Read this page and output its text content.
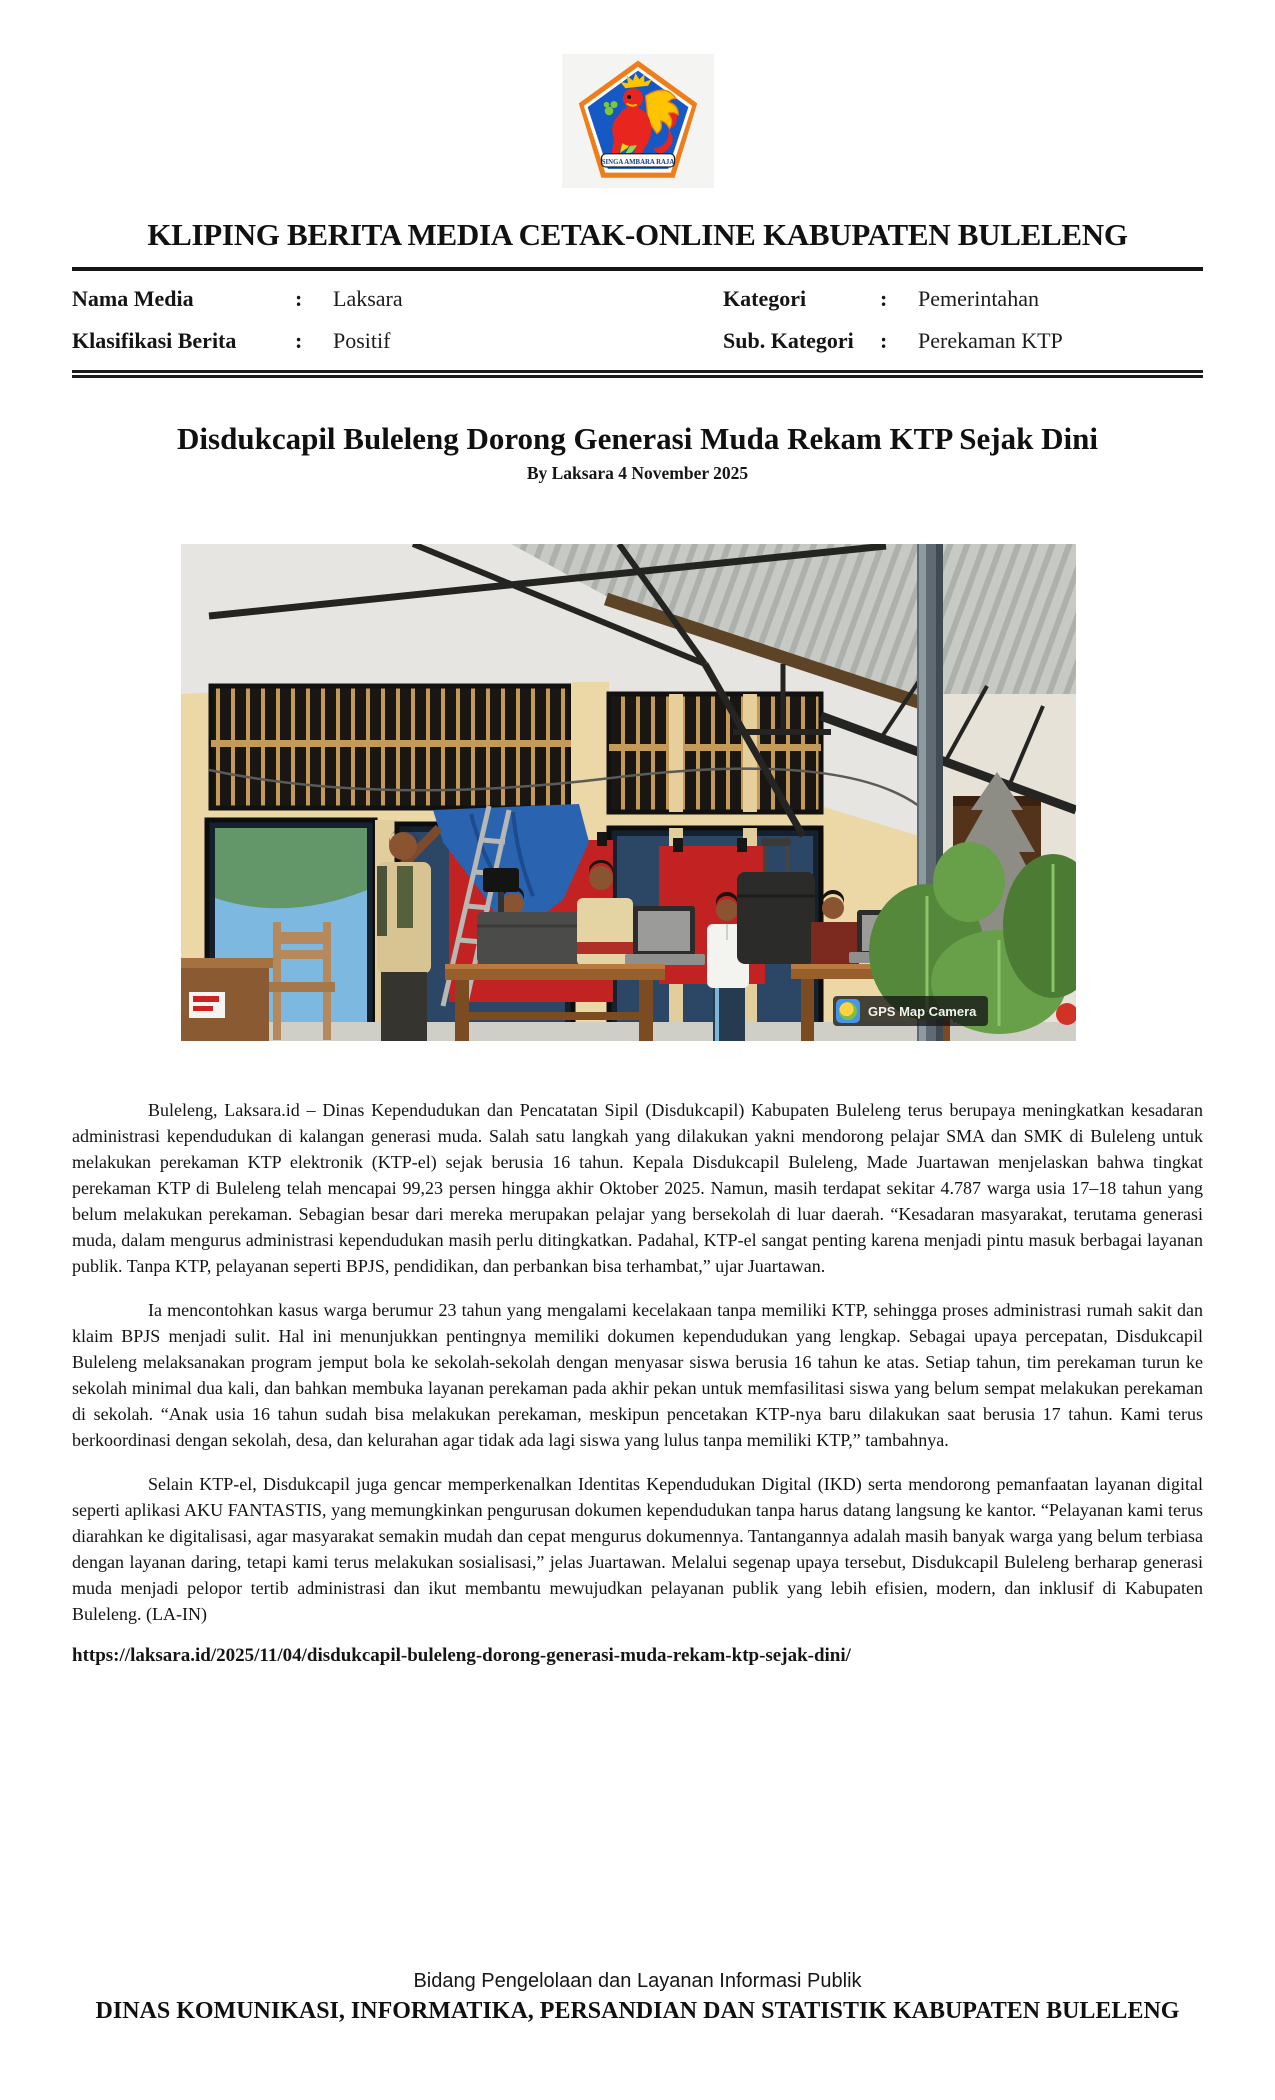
SINGA AMBARA RAJA
KLIPING BERITA MEDIA CETAK-ONLINE KABUPATEN BULELENG
Nama Media	:	Laksara
Klasifikasi Berita	:	Positif
Kategori	:	Pemerintahan
Sub. Kategori	:	Perekaman KTP
Disdukcapil Buleleng Dorong Generasi Muda Rekam KTP Sejak Dini
By Laksara 4 November 2025
GPS Map Camera

Buleleng, Laksara.id – Dinas Kependudukan dan Pencatatan Sipil (Disdukcapil) Kabupaten Buleleng terus berupaya meningkatkan kesadaran administrasi kependudukan di kalangan generasi muda. Salah satu langkah yang dilakukan yakni mendorong pelajar SMA dan SMK di Buleleng untuk melakukan perekaman KTP elektronik (KTP-el) sejak berusia 16 tahun. Kepala Disdukcapil Buleleng, Made Juartawan menjelaskan bahwa tingkat perekaman KTP di Buleleng telah mencapai 99,23 persen hingga akhir Oktober 2025. Namun, masih terdapat sekitar 4.787 warga usia 17–18 tahun yang belum melakukan perekaman. Sebagian besar dari mereka merupakan pelajar yang bersekolah di luar daerah. “Kesadaran masyarakat, terutama generasi muda, dalam mengurus administrasi kependudukan masih perlu ditingkatkan. Padahal, KTP-el sangat penting karena menjadi pintu masuk berbagai layanan publik. Tanpa KTP, pelayanan seperti BPJS, pendidikan, dan perbankan bisa terhambat,” ujar Juartawan.

Ia mencontohkan kasus warga berumur 23 tahun yang mengalami kecelakaan tanpa memiliki KTP, sehingga proses administrasi rumah sakit dan klaim BPJS menjadi sulit. Hal ini menunjukkan pentingnya memiliki dokumen kependudukan yang lengkap. Sebagai upaya percepatan, Disdukcapil Buleleng melaksanakan program jemput bola ke sekolah-sekolah dengan menyasar siswa berusia 16 tahun ke atas. Setiap tahun, tim perekaman turun ke sekolah minimal dua kali, dan bahkan membuka layanan perekaman pada akhir pekan untuk memfasilitasi siswa yang belum sempat melakukan perekaman di sekolah. “Anak usia 16 tahun sudah bisa melakukan perekaman, meskipun pencetakan KTP-nya baru dilakukan saat berusia 17 tahun. Kami terus berkoordinasi dengan sekolah, desa, dan kelurahan agar tidak ada lagi siswa yang lulus tanpa memiliki KTP,” tambahnya.

Selain KTP-el, Disdukcapil juga gencar memperkenalkan Identitas Kependudukan Digital (IKD) serta mendorong pemanfaatan layanan digital seperti aplikasi AKU FANTASTIS, yang memungkinkan pengurusan dokumen kependudukan tanpa harus datang langsung ke kantor. “Pelayanan kami terus diarahkan ke digitalisasi, agar masyarakat semakin mudah dan cepat mengurus dokumennya. Tantangannya adalah masih banyak warga yang belum terbiasa dengan layanan daring, tetapi kami terus melakukan sosialisasi,” jelas Juartawan. Melalui segenap upaya tersebut, Disdukcapil Buleleng berharap generasi muda menjadi pelopor tertib administrasi dan ikut membantu mewujudkan pelayanan publik yang lebih efisien, modern, dan inklusif di Kabupaten Buleleng. (LA-IN)

https://laksara.id/2025/11/04/disdukcapil-buleleng-dorong-generasi-muda-rekam-ktp-sejak-dini/
Bidang Pengelolaan dan Layanan Informasi Publik
DINAS KOMUNIKASI, INFORMATIKA, PERSANDIAN DAN STATISTIK KABUPATEN BULELENG
